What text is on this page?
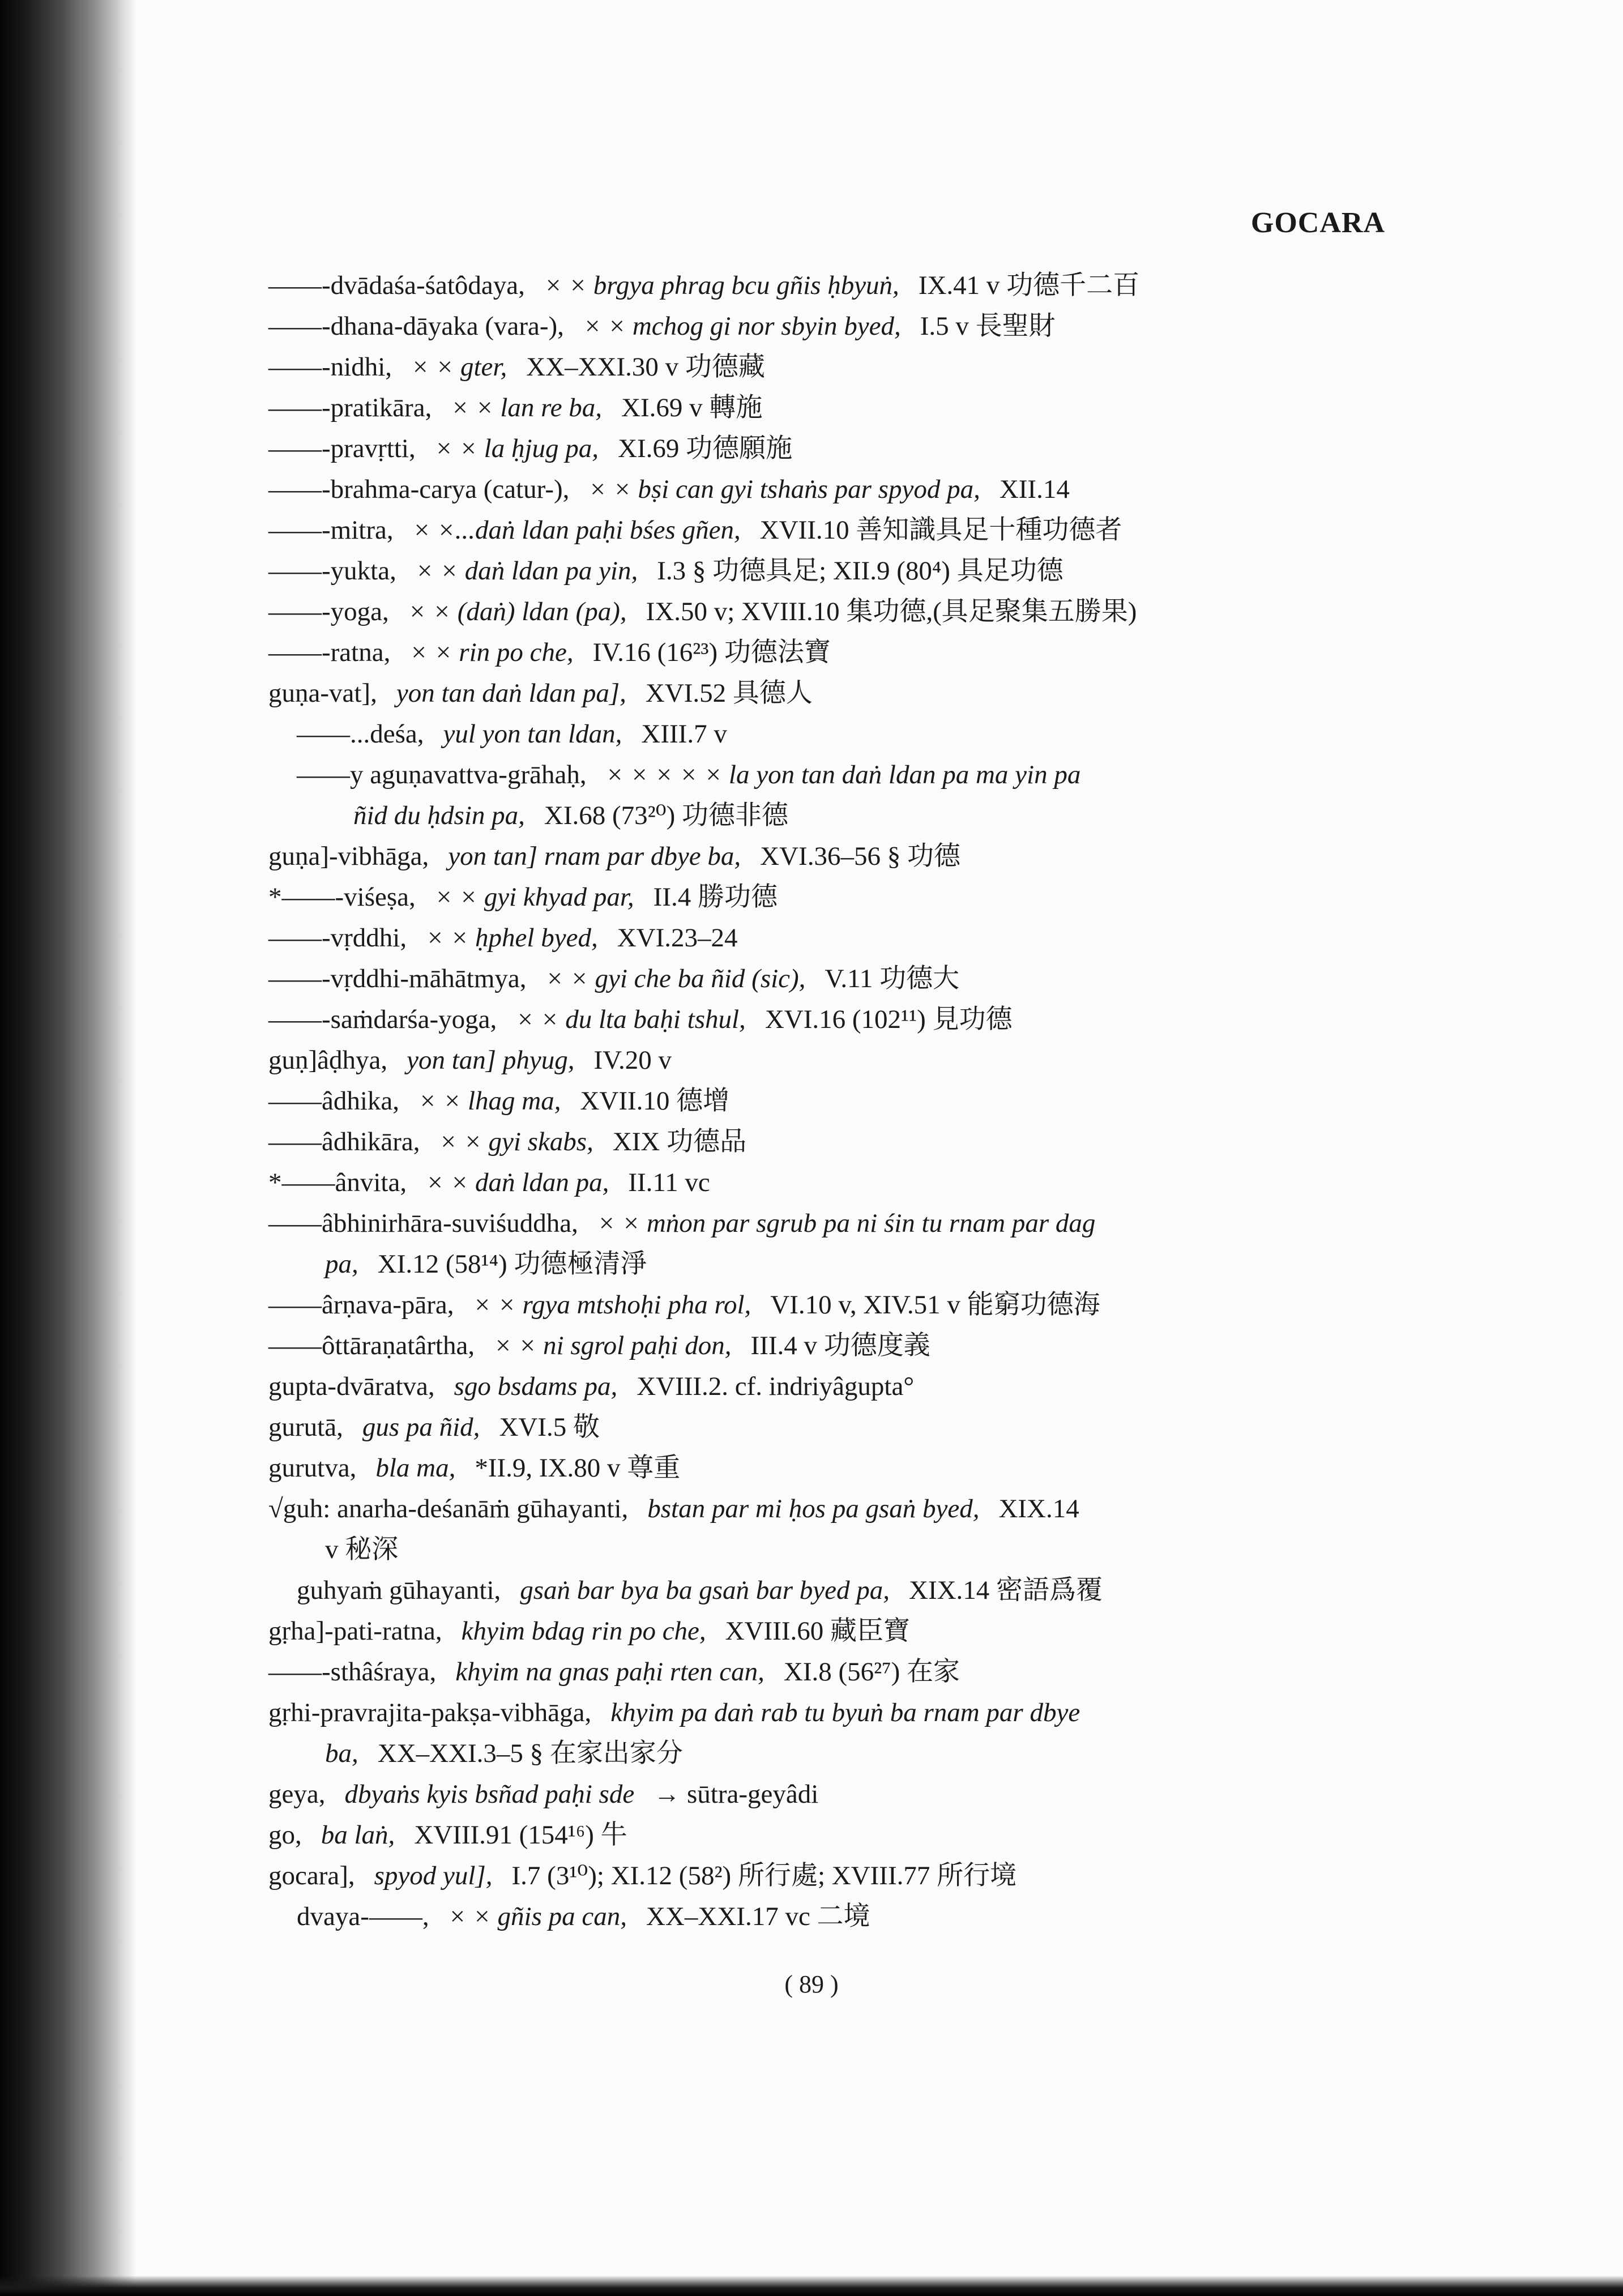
GOCARA
——-dvādaśa-śatôdaya, × × brgya phrag bcu gñis ḥbyuṅ, IX.41 v 功德千二百
——-dhana-dāyaka (vara-), × × mchog gi nor sbyin byed, I.5 v 長聖財
——-nidhi, × × gter, XX–XXI.30 v 功德藏
——-pratikāra, × × lan re ba, XI.69 v 轉施
——-pravṛtti, × × la ḥjug pa, XI.69 功德願施
——-brahma-carya (catur-), × × bṣi can gyi tshaṅs par spyod pa, XII.14
——-mitra, × ×...daṅ ldan paḥi bśes gñen, XVII.10 善知識具足十種功德者
——-yukta, × × daṅ ldan pa yin, I.3 § 功德具足; XII.9 (80⁴) 具足功德
——-yoga, × × (daṅ) ldan (pa), IX.50 v; XVIII.10 集功德,(具足聚集五勝果)
——-ratna, × × rin po che, IV.16 (16²³) 功德法寶
guṇa-vat], yon tan daṅ ldan pa], XVI.52 具德人
——...deśa, yul yon tan ldan, XIII.7 v
——y aguṇavattva-grāhaḥ, × × × × × la yon tan daṅ ldan pa ma yin pa
ñid du ḥdsin pa, XI.68 (73²⁰) 功德非德
guṇa]-vibhāga, yon tan] rnam par dbye ba, XVI.36–56 § 功德
*——-viśeṣa, × × gyi khyad par, II.4 勝功德
——-vṛddhi, × × ḥphel byed, XVI.23–24
——-vṛddhi-māhātmya, × × gyi che ba ñid (sic), V.11 功德大
——-saṁdarśa-yoga, × × du lta baḥi tshul, XVI.16 (102¹¹) 見功德
guṇ]âḍhya, yon tan] phyug, IV.20 v
——âdhika, × × lhag ma, XVII.10 德增
——âdhikāra, × × gyi skabs, XIX 功德品
*——ânvita, × × daṅ ldan pa, II.11 vc
——âbhinirhāra-suviśuddha, × × mṅon par sgrub pa ni śin tu rnam par dag
pa, XI.12 (58¹⁴) 功德極清淨
——ârṇava-pāra, × × rgya mtshoḥi pha rol, VI.10 v, XIV.51 v 能窮功德海
——ôttāraṇatârtha, × × ni sgrol paḥi don, III.4 v 功德度義
gupta-dvāratva, sgo bsdams pa, XVIII.2. cf. indriyâgupta°
gurutā, gus pa ñid, XVI.5 敬
gurutva, bla ma, *II.9, IX.80 v 尊重
√guh: anarha-deśanāṁ gūhayanti, bstan par mi ḥos pa gsaṅ byed, XIX.14
v 秘深
guhyaṁ gūhayanti, gsaṅ bar bya ba gsaṅ bar byed pa, XIX.14 密語爲覆
gṛha]-pati-ratna, khyim bdag rin po che, XVIII.60 藏臣寶
——-sthâśraya, khyim na gnas paḥi rten can, XI.8 (56²⁷) 在家
gṛhi-pravrajita-pakṣa-vibhāga, khyim pa daṅ rab tu byuṅ ba rnam par dbye
ba, XX–XXI.3–5 § 在家出家分
geya, dbyaṅs kyis bsñad paḥi sde → sūtra-geyâdi
go, ba laṅ, XVIII.91 (154¹⁶) 牛
gocara], spyod yul], I.7 (3¹⁰); XI.12 (58²) 所行處; XVIII.77 所行境
dvaya-——, × × gñis pa can, XX–XXI.17 vc 二境
( 89 )
